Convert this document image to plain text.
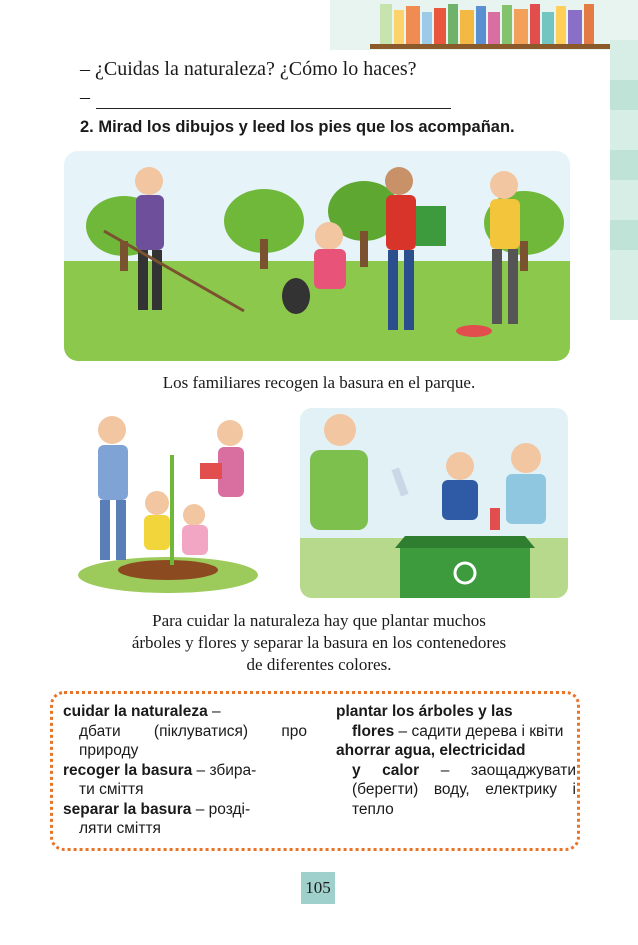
– ¿Cuidas la naturaleza? ¿Cómo lo haces?
–
2. Mirad los dibujos y leed los pies que los acompañan.
Los familiares recogen la basura en el parque.
Para cuidar la naturaleza hay que plantar muchos
árboles y flores y separar la basura en los contenedores
de diferentes colores.
cuidar la naturaleza –
дбати (піклуватися) про природу
recoger la basura – збира-
ти сміття
separar la basura – розді-
ляти сміття
plantar los árboles y las
flores – садити дерева і квіти
ahorrar agua, electricidad
y calor – заощаджувати (берегти) воду, електрику і тепло
105
